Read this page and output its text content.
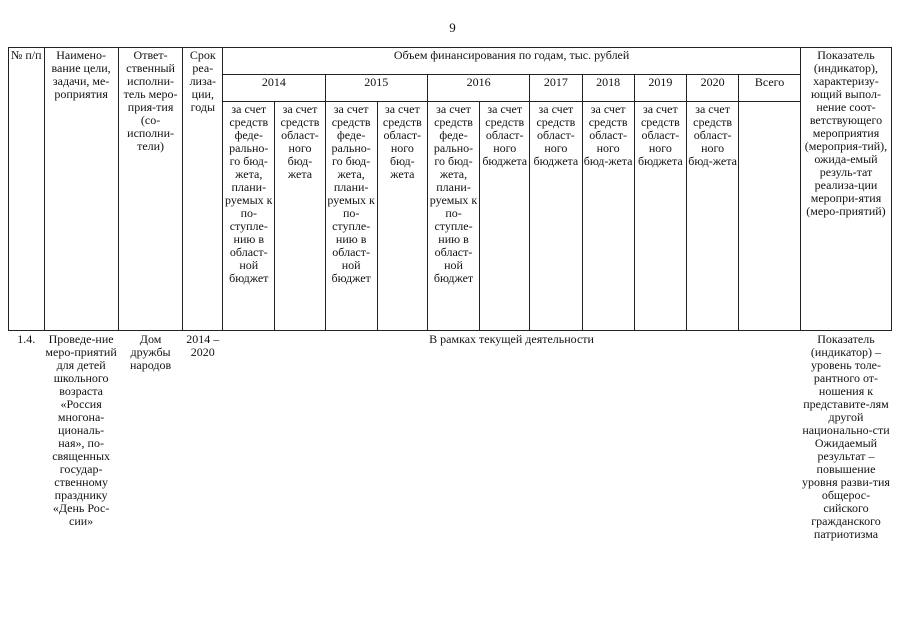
9
№ п/п	Наимено-вание цели, задачи, ме-роприятия	Ответ-ственный исполни-тель меро-прия-тия (со-исполни-тели)	Срок реа-лиза-ции, годы	Объем финансирования по годам, тыс. рублей											Показатель (индикатор), характеризу-ющий выпол-нение соот-ветствующего мероприятия (мероприя-тий), ожида-емый резуль-тат реализа-ции меропри-ятия (меро-приятий)
				2014		2015		2016		2017	2018	2019	2020	Всего	
				за счет средств феде-рально-го бюд-жета, плани-руемых к по-ступле-нию в област-ной бюджет	за счет средств област-ного бюд-жета	за счет средств феде-рально-го бюд-жета, плани-руемых к по-ступле-нию в област-ной бюджет	за счет средств област-ного бюд-жета	за счет средств феде-рально-го бюд-жета, плани-руемых к по-ступле-нию в област-ной бюджет	за счет средств област-ного бюджета	за счет средств област-ного бюджета	за счет средств област-ного бюд-жета	за счет средств област-ного бюджета	за счет средств област-ного бюд-жета		
1.4.	Проведе-ние меро-приятий для детей школьного возраста «Россия многона-циональ-ная», по-священных государ-ственному празднику «День Рос-сии»	Дом дружбы народов	2014 – 2020	В рамках текущей деятельности											Показатель (индикатор) – уровень толе-рантного от-ношения к представите-лям другой национально-сти Ожидаемый результат – повышение уровня разви-тия общерос-сийского гражданского патриотизма
